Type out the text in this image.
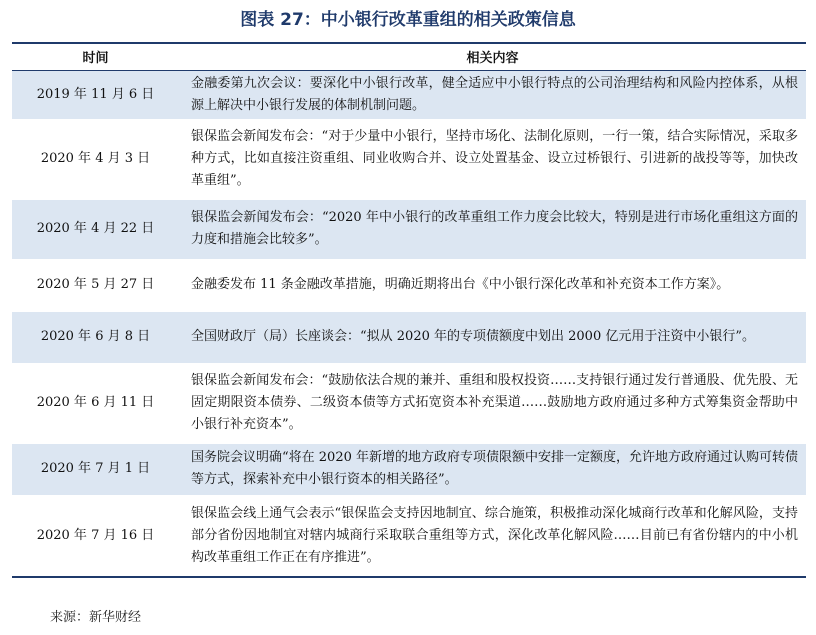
图表 27：中小银行改革重组的相关政策信息
时间	相关内容
2019 年 11 月 6 日	金融委第九次会议：要深化中小银行改革，健全适应中小银行特点的公司治理结构和风险内控体系，从根源上解决中小银行发展的体制机制问题。
2020 年 4 月 3 日	银保监会新闻发布会：“对于少量中小银行，坚持市场化、法制化原则，一行一策，结合实际情况，采取多种方式，比如直接注资重组、同业收购合并、设立处置基金、设立过桥银行、引进新的战投等等，加快改革重组”。
2020 年 4 月 22 日	银保监会新闻发布会：“2020 年中小银行的改革重组工作力度会比较大，特别是进行市场化重组这方面的力度和措施会比较多”。
2020 年 5 月 27 日	金融委发布 11 条金融改革措施，明确近期将出台《中小银行深化改革和补充资本工作方案》。
2020 年 6 月 8 日	全国财政厅（局）长座谈会：“拟从 2020 年的专项债额度中划出 2000 亿元用于注资中小银行”。
2020 年 6 月 11 日	银保监会新闻发布会：“鼓励依法合规的兼并、重组和股权投资……支持银行通过发行普通股、优先股、无固定期限资本债券、二级资本债等方式拓宽资本补充渠道……鼓励地方政府通过多种方式筹集资金帮助中小银行补充资本”。
2020 年 7 月 1 日	国务院会议明确“将在 2020 年新增的地方政府专项债限额中安排一定额度，允许地方政府通过认购可转债等方式，探索补充中小银行资本的相关路径”。
2020 年 7 月 16 日	银保监会线上通气会表示“银保监会支持因地制宜、综合施策，积极推动深化城商行改革和化解风险，支持部分省份因地制宜对辖内城商行采取联合重组等方式，深化改革化解风险……目前已有省份辖内的中小机构改革重组工作正在有序推进”。
来源：新华财经
